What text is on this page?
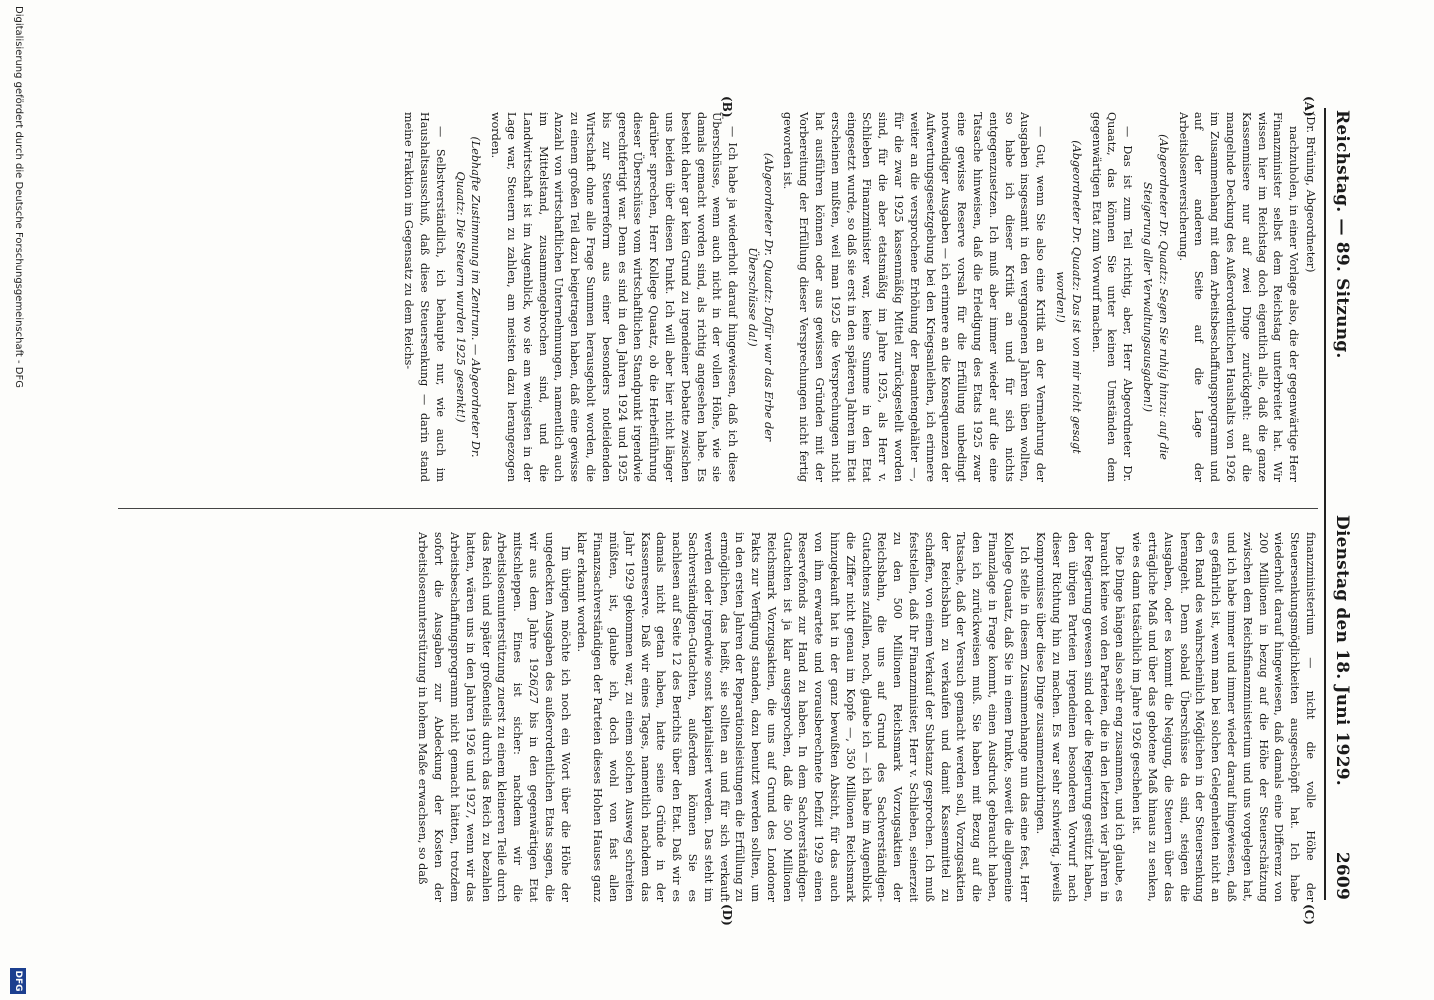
Reichstag. — 89. Sitzung.
Dienstag den 18. Juni 1929.
2609

(Dr. Brüning, Abgeordneter)

nachzuholen, in einer Vorlage also, die der gegenwärtige Herr Finanzminister selbst dem Reichstag unterbreitet hat. Wir wissen hier im Reichstag doch eigentlich alle, daß die ganze Kassenmisere nur auf zwei Dinge zurückgeht: auf die mangelnde Deckung des Außerordentlichen Haushalts von 1926 im Zusammenhang mit dem Arbeitsbeschaffungsprogramm und auf der anderen Seite auf die Lage der Arbeitslosenversicherung.

(Abgeordneter Dr. Quaatz: Segen Sie ruhig hinzu: auf die Steigerung aller Verwaltungsausgaben!)

— Das ist zum Teil richtig, aber, Herr Abgeordneter Dr. Quaatz, das können Sie unter keinen Umständen dem gegenwärtigen Etat zum Vorwurf machen.

(Abgeordneter Dr. Quaatz: Das ist von mir nicht gesagt worden!)

— Gut, wenn Sie also eine Kritik an der Vermehrung der Ausgaben insgesamt in den vergangenen Jahren üben wollten, so habe ich dieser Kritik an und für sich nichts entgegenzusetzen. Ich muß aber immer wieder auf die eine Tatsache hinweisen, daß die Erledigung des Etats 1925 zwar eine gewisse Reserve vorsah für die Erfüllung unbedingt notwendiger Ausgaben — ich erinnere an die Konsequenzen der Aufwertungsgesetzgebung bei den Kriegsanleihen, ich erinnere weiter an die versprochene Erhöhung der Beamtengehälter —, für die zwar 1925 kassenmäßig Mittel zurückgestellt worden sind, für die aber etatsmäßig im Jahre 1925, als Herr v. Schlieben Finanzminister war, keine Summe in den Etat eingesetzt wurde, so daß sie erst in den späteren Jahren im Etat erscheinen mußten, weil man 1925 die Versprechungen nicht hat ausführen können oder aus gewissen Gründen mit der Vorbereitung der Erfüllung dieser Versprechungen nicht fertig geworden ist.

(Abgeordneter Dr. Quaatz: Dafür war das Erbe der Überschüsse da!)

— Ich habe ja wiederholt darauf hingewiesen, daß ich diese Überschüsse, wenn auch nicht in der vollen Höhe, wie sie damals gemacht worden sind, als richtig angesehen habe. Es besteht daher gar kein Grund zu irgendeiner Debatte zwischen uns beiden über diesen Punkt. Ich will aber hier nicht länger darüber sprechen, Herr Kollege Quaatz, ob die Herbeiführung dieser Überschüsse vom wirtschaftlichen Standpunkt irgendwie gerechtfertigt war. Denn es sind in den Jahren 1924 und 1925 bis zur Steuerreform aus einer besonders notleidenden Wirtschaft ohne alle Frage Summen herausgeholt worden, die zu einem großen Teil dazu beigetragen haben, daß eine gewisse Anzahl von wirtschaftlichen Unternehmungen, namentlich auch im Mittelstand, zusammengebrochen sind, und die Landwirtschaft ist im Augenblick, wo sie am wenigsten in der Lage war, Steuern zu zahlen, am meisten dazu herangezogen worden.

(Lebhafte Zustimmung im Zentrum. — Abgeordneter Dr. Quaatz: Die Steuern wurden 1925 gesenkt!)

— Selbstverständlich, ich behaupte nur, wie auch im Haushaltsausschuß, daß diese Steuersenkung — darin stand meine Fraktion im Gegensatz zu dem Reichs-

finanzministerium — nicht die volle Höhe der Steuersenkungsmöglichkeiten ausgeschöpft hat. Ich habe wiederholt darauf hingewiesen, daß damals eine Differenz von 200 Millionen in bezug auf die Höhe der Steuerschätzung zwischen dem Reichsfinanzministerium und uns vorgelegen hat, und ich habe immer und immer wieder darauf hingewiesen, daß es gefährlich ist, wenn man bei solchen Gelegenheiten nicht an den Rand des wahrscheinlich Möglichen in der Steuersenkung herangeht. Denn sobald Überschüsse da sind, steigen die Ausgaben, oder es kommt die Neigung, die Steuern über das erträgliche Maß und über das gebotene Maß hinaus zu senken, wie es dann tatsächlich im Jahre 1926 geschehen ist.

Die Dinge hängen also sehr eng zusammen, und ich glaube, es braucht keine von den Parteien, die in den letzten vier Jahren in der Regierung gewesen sind oder die Regierung gestützt haben, den übrigen Parteien irgendeinen besonderen Vorwurf nach dieser Richtung hin zu machen. Es war sehr schwierig, jeweils Kompromisse über diese Dinge zusammenzubringen.

Ich stelle in diesem Zusammenhange nun das eine fest, Herr Kollege Quaatz, daß Sie in einem Punkte, soweit die allgemeine Finanzlage in Frage kommt, einen Ausdruck gebraucht haben, den ich zurückweisen muß. Sie haben mit Bezug auf die Tatsache, daß der Versuch gemacht werden soll, Vorzugsaktien der Reichsbahn zu verkaufen und damit Kassenmittel zu schaffen, von einem Verkauf der Substanz gesprochen. Ich muß feststellen, daß Ihr Finanzminister, Herr v. Schlieben, seinerzeit zu den 500 Millionen Reichsmark Vorzugsaktien der Reichsbahn, die uns auf Grund des Sachverständigen-Gutachtens zufallen, noch, glaube ich — ich habe im Augenblick die Ziffer nicht genau im Kopfe —, 350 Millionen Reichsmark hinzugekauft hat in der ganz bewußten Absicht, für das auch von ihm erwartete und vorausberechnete Defizit 1929 einen Reservefonds zur Hand zu haben. In dem Sachverständigen-Gutachten ist ja klar ausgesprochen, daß die 500 Millionen Reichsmark Vorzugsaktien, die uns auf Grund des Londoner Pakts zur Verfügung standen, dazu benutzt werden sollten, um in den ersten Jahren der Reparationsleistungen die Erfüllung zu ermöglichen, das heißt, sie sollten an und für sich verkauft werden oder irgendwie sonst kapitalisiert werden. Das steht im Sachverständigen-Gutachten, außerdem können Sie es nachlesen auf Seite 12 des Berichts über den Etat. Daß wir es damals nicht getan haben, hatte seine Gründe in der Kassenreserve. Daß wir eines Tages, namentlich nachdem das Jahr 1929 gekommen war, zu einem solchen Ausweg schreiten müßten, ist, glaube ich, doch wohl von fast allen Finanzsachverständigen der Parteien dieses Hohen Hauses ganz klar erkannt worden.

Im übrigen möchte ich noch ein Wort über die Höhe der ungedeckten Ausgaben des außerordentlichen Etats sagen, die wir aus dem Jahre 1926/27 bis in den gegenwärtigen Etat mitschleppen. Eines ist sicher: nachdem wir die Arbeitslosenunterstützung zuerst zu einem kleineren Teile durch das Reich und später großenteils durch das Reich zu bezahlen hatten, wären uns in den Jahren 1926 und 1927, wenn wir das Arbeitsbeschaffungsprogramm nicht gemacht hätten, trotzdem sofort die Ausgaben zur Abdeckung der Kosten der Arbeitslosenunterstützung in hohem Maße erwachsen, so daß

(A)
(B)
(C)
(D)
Digitalisierung gefördert durch die Deutsche Forschungsgemeinschaft - DFG
DFG
